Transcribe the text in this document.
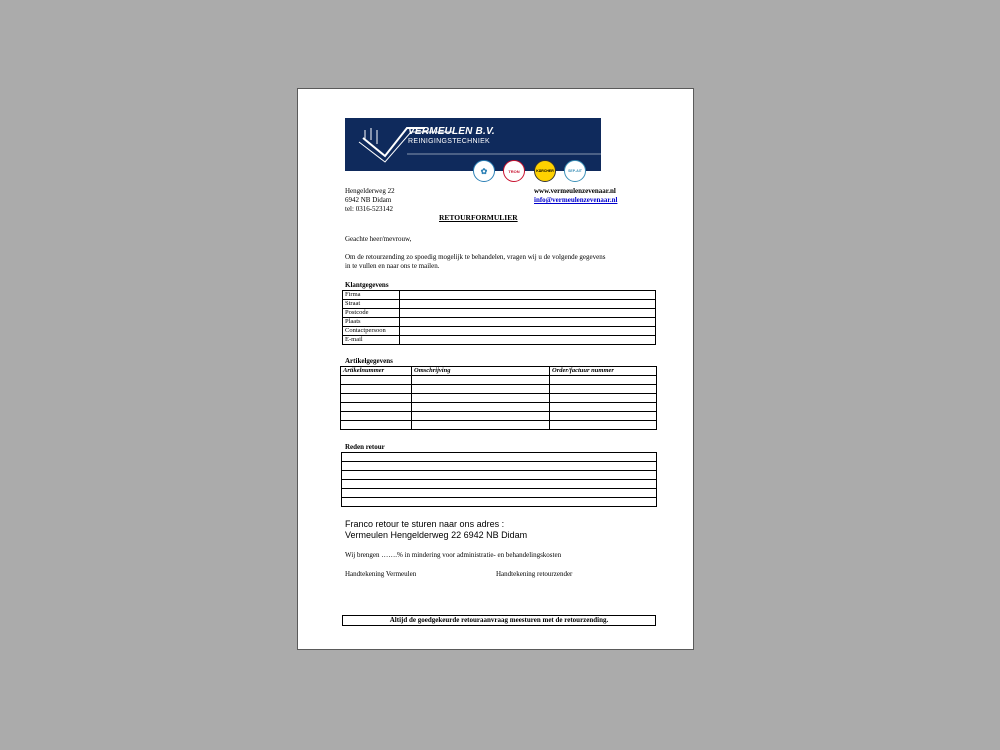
VERMEULEN B.V.
REINIGINGSTECHNIEK
✿	TRON	KÄRCHER	SEP-AIT
Hengelderweg 22
6942 NB Didam
tel: 0316-523142
www.vermeulenzevenaar.nl
info@vermeulenzevenaar.nl
RETOURFORMULIER
Geachte heer/mevrouw,
Om de retourzending zo spoedig mogelijk te behandelen, vragen wij u de volgende gegevens
in te vullen en naar ons te mailen.
Klantgegevens
Firma	
Straat	
Postcode	
Plaats	
Contactpersoon	
E-mail	
Artikelgegevens
Artikelnummer	Omschrijving	Order/factuur nummer

Reden retour

Franco retour te sturen naar ons adres :
Vermeulen Hengelderweg 22 6942 NB Didam
Wij brengen …….% in mindering voor administratie- en behandelingskosten
Handtekening Vermeulen	Handtekening retourzender
Altijd de goedgekeurde retouraanvraag meesturen met de retourzending.
